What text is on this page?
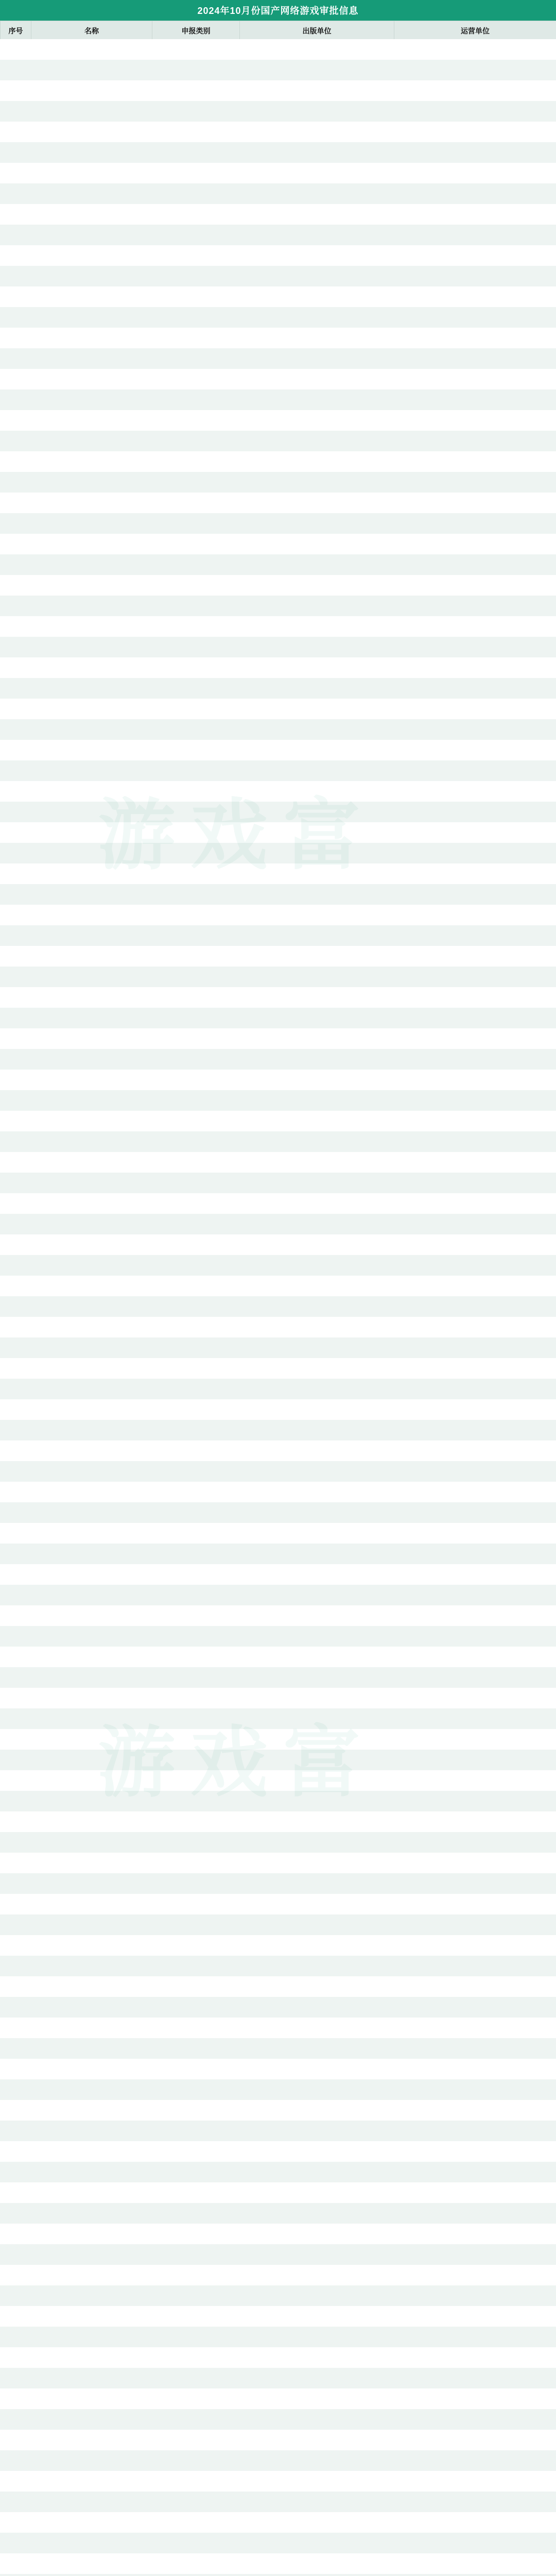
2024年10月份国产网络游戏审批信息
序号	名称	申报类别	出版单位	运营单位
